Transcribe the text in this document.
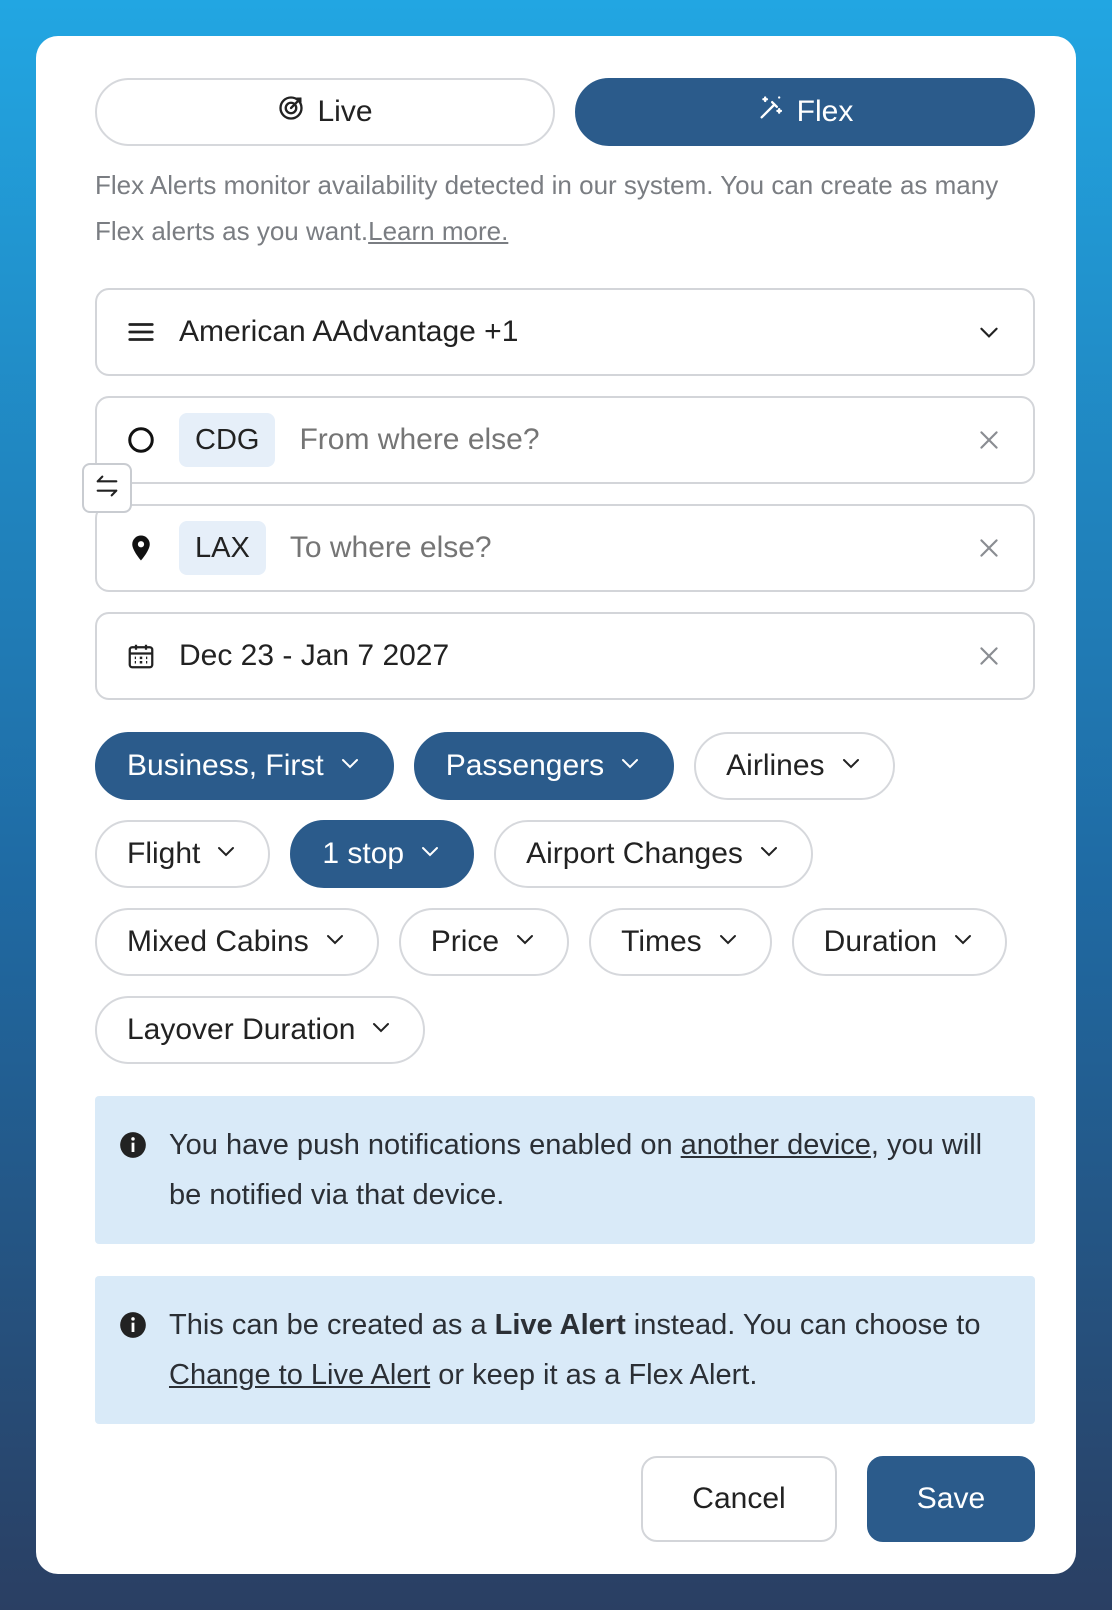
Live	Flex

Flex Alerts monitor availability detected in our system. You can create as many Flex alerts as you want.Learn more.

American AAdvantage +1
CDG
From where else?
LAX
To where else?
Dec 23 - Jan 7 2027
Business, First	Passengers	Airlines
Flight	1 stop	Airport Changes
Mixed Cabins	Price	Times	Duration
Layover Duration

You have push notifications enabled on another device, you will be notified via that device.

This can be created as a Live Alert instead. You can choose to Change to Live Alert or keep it as a Flex Alert.

Cancel	Save
